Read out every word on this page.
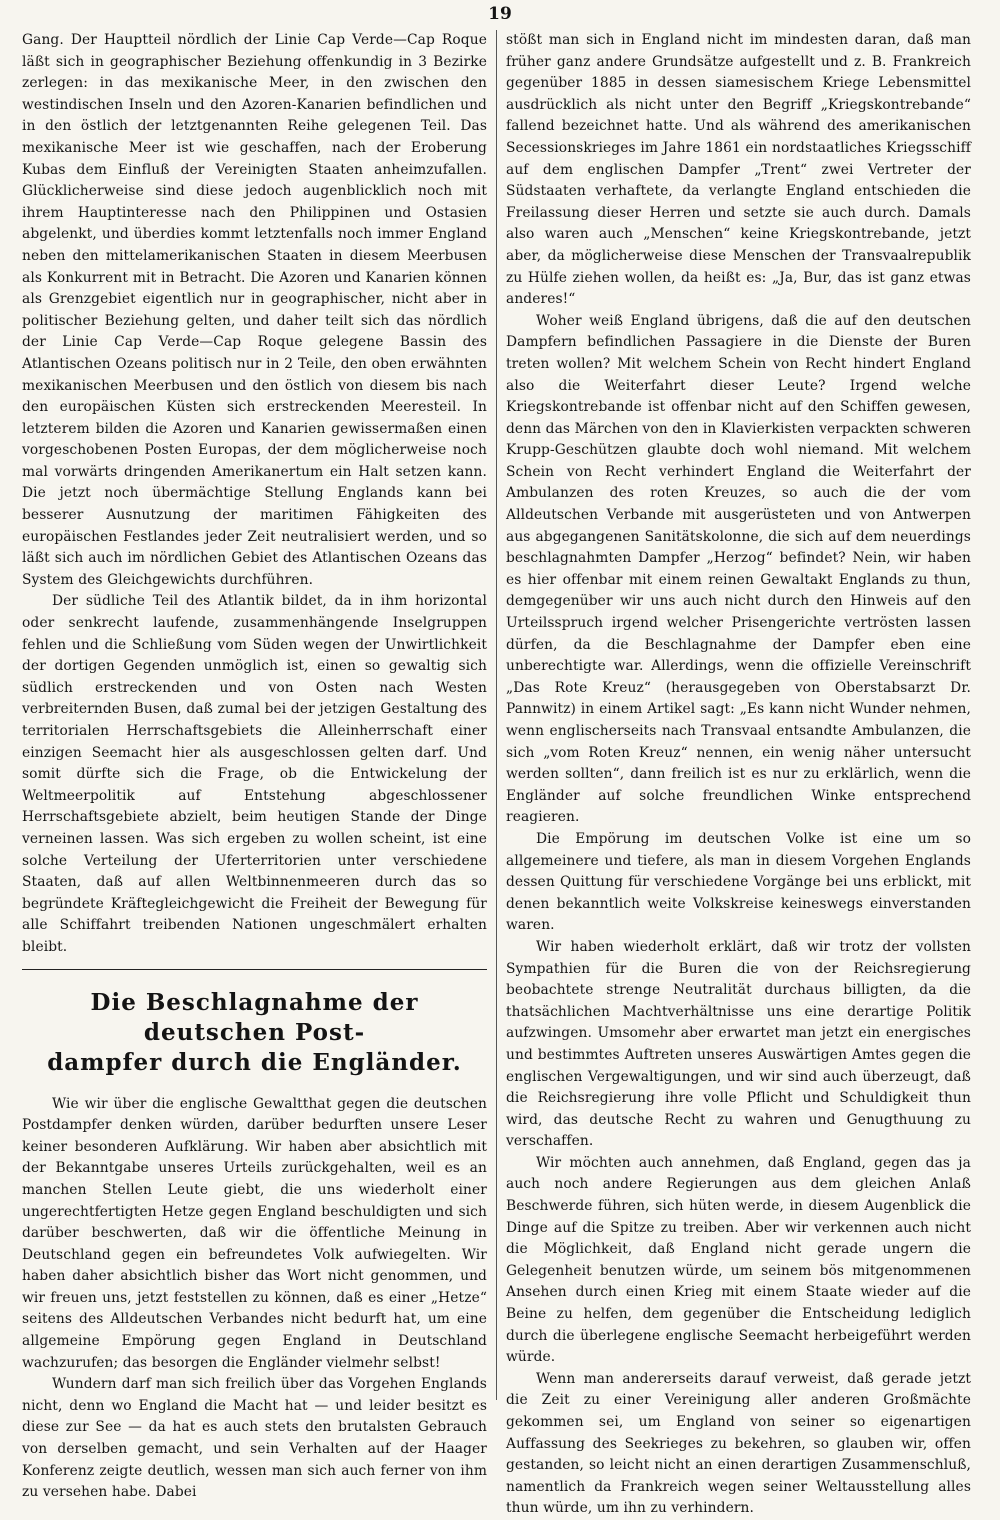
19

Gang. Der Hauptteil nördlich der Linie Cap Verde—Cap Roque läßt sich in geographischer Beziehung offenkundig in 3 Bezirke zerlegen: in das mexikanische Meer, in den zwischen den westindischen Inseln und den Azoren-Kanarien befindlichen und in den östlich der letztgenannten Reihe gelegenen Teil. Das mexikanische Meer ist wie geschaffen, nach der Eroberung Kubas dem Einfluß der Vereinigten Staaten anheimzufallen. Glücklicherweise sind diese jedoch augenblicklich noch mit ihrem Hauptinteresse nach den Philippinen und Ostasien abgelenkt, und überdies kommt letztenfalls noch immer England neben den mittelamerikanischen Staaten in diesem Meerbusen als Konkurrent mit in Betracht. Die Azoren und Kanarien können als Grenzgebiet eigentlich nur in geographischer, nicht aber in politischer Beziehung gelten, und daher teilt sich das nördlich der Linie Cap Verde—Cap Roque gelegene Bassin des Atlantischen Ozeans politisch nur in 2 Teile, den oben erwähnten mexikanischen Meerbusen und den östlich von diesem bis nach den europäischen Küsten sich erstreckenden Meeresteil. In letzterem bilden die Azoren und Kanarien gewissermaßen einen vorgeschobenen Posten Europas, der dem möglicherweise noch mal vorwärts dringenden Amerikanertum ein Halt setzen kann. Die jetzt noch übermächtige Stellung Englands kann bei besserer Ausnutzung der maritimen Fähigkeiten des europäischen Festlandes jeder Zeit neutralisiert werden, und so läßt sich auch im nördlichen Gebiet des Atlantischen Ozeans das System des Gleichgewichts durchführen.

Der südliche Teil des Atlantik bildet, da in ihm horizontal oder senkrecht laufende, zusammenhängende Inselgruppen fehlen und die Schließung vom Süden wegen der Unwirtlichkeit der dortigen Gegenden unmöglich ist, einen so gewaltig sich südlich erstreckenden und von Osten nach Westen verbreiternden Busen, daß zumal bei der jetzigen Gestaltung des territorialen Herrschaftsgebiets die Alleinherrschaft einer einzigen Seemacht hier als ausgeschlossen gelten darf. Und somit dürfte sich die Frage, ob die Entwickelung der Weltmeerpolitik auf Entstehung abgeschlossener Herrschaftsgebiete abzielt, beim heutigen Stande der Dinge verneinen lassen. Was sich ergeben zu wollen scheint, ist eine solche Verteilung der Uferterritorien unter verschiedene Staaten, daß auf allen Weltbinnenmeeren durch das so begründete Kräftegleichgewicht die Freiheit der Bewegung für alle Schiffahrt treibenden Nationen ungeschmälert erhalten bleibt.

Die Beschlagnahme der deutschen Post-
dampfer durch die Engländer.

Wie wir über die englische Gewaltthat gegen die deutschen Postdampfer denken würden, darüber bedurften unsere Leser keiner besonderen Aufklärung. Wir haben aber absichtlich mit der Bekanntgabe unseres Urteils zurückgehalten, weil es an manchen Stellen Leute giebt, die uns wiederholt einer ungerechtfertigten Hetze gegen England beschuldigten und sich darüber beschwerten, daß wir die öffentliche Meinung in Deutschland gegen ein befreundetes Volk aufwiegelten. Wir haben daher absichtlich bisher das Wort nicht genommen, und wir freuen uns, jetzt feststellen zu können, daß es einer „Hetze“ seitens des Alldeutschen Verbandes nicht bedurft hat, um eine allgemeine Empörung gegen England in Deutschland wachzurufen; das besorgen die Engländer vielmehr selbst!

Wundern darf man sich freilich über das Vorgehen Englands nicht, denn wo England die Macht hat — und leider besitzt es diese zur See — da hat es auch stets den brutalsten Gebrauch von derselben gemacht, und sein Verhalten auf der Haager Konferenz zeigte deutlich, wessen man sich auch ferner von ihm zu versehen habe. Dabei

stößt man sich in England nicht im mindesten daran, daß man früher ganz andere Grundsätze aufgestellt und z. B. Frankreich gegenüber 1885 in dessen siamesischem Kriege Lebensmittel ausdrücklich als nicht unter den Begriff „Kriegskontrebande“ fallend bezeichnet hatte. Und als während des amerikanischen Secessionskrieges im Jahre 1861 ein nordstaatliches Kriegsschiff auf dem englischen Dampfer „Trent“ zwei Vertreter der Südstaaten verhaftete, da verlangte England entschieden die Freilassung dieser Herren und setzte sie auch durch. Damals also waren auch „Menschen“ keine Kriegskontrebande, jetzt aber, da möglicherweise diese Menschen der Transvaalrepublik zu Hülfe ziehen wollen, da heißt es: „Ja, Bur, das ist ganz etwas anderes!“

Woher weiß England übrigens, daß die auf den deutschen Dampfern befindlichen Passagiere in die Dienste der Buren treten wollen? Mit welchem Schein von Recht hindert England also die Weiterfahrt dieser Leute? Irgend welche Kriegskontrebande ist offenbar nicht auf den Schiffen gewesen, denn das Märchen von den in Klavierkisten verpackten schweren Krupp-Geschützen glaubte doch wohl niemand. Mit welchem Schein von Recht verhindert England die Weiterfahrt der Ambulanzen des roten Kreuzes, so auch die der vom Alldeutschen Verbande mit ausgerüsteten und von Antwerpen aus abgegangenen Sanitätskolonne, die sich auf dem neuerdings beschlagnahmten Dampfer „Herzog“ befindet? Nein, wir haben es hier offenbar mit einem reinen Gewaltakt Englands zu thun, demgegenüber wir uns auch nicht durch den Hinweis auf den Urteilsspruch irgend welcher Prisengerichte vertrösten lassen dürfen, da die Beschlagnahme der Dampfer eben eine unberechtigte war. Allerdings, wenn die offizielle Vereinschrift „Das Rote Kreuz“ (herausgegeben von Oberstabsarzt Dr. Pannwitz) in einem Artikel sagt: „Es kann nicht Wunder nehmen, wenn englischerseits nach Transvaal entsandte Ambulanzen, die sich „vom Roten Kreuz“ nennen, ein wenig näher untersucht werden sollten“, dann freilich ist es nur zu erklärlich, wenn die Engländer auf solche freundlichen Winke entsprechend reagieren.

Die Empörung im deutschen Volke ist eine um so allgemeinere und tiefere, als man in diesem Vorgehen Englands dessen Quittung für verschiedene Vorgänge bei uns erblickt, mit denen bekanntlich weite Volkskreise keineswegs einverstanden waren.

Wir haben wiederholt erklärt, daß wir trotz der vollsten Sympathien für die Buren die von der Reichsregierung beobachtete strenge Neutralität durchaus billigten, da die thatsächlichen Machtverhältnisse uns eine derartige Politik aufzwingen. Umsomehr aber erwartet man jetzt ein energisches und bestimmtes Auftreten unseres Auswärtigen Amtes gegen die englischen Vergewaltigungen, und wir sind auch überzeugt, daß die Reichsregierung ihre volle Pflicht und Schuldigkeit thun wird, das deutsche Recht zu wahren und Genugthuung zu verschaffen.

Wir möchten auch annehmen, daß England, gegen das ja auch noch andere Regierungen aus dem gleichen Anlaß Beschwerde führen, sich hüten werde, in diesem Augenblick die Dinge auf die Spitze zu treiben. Aber wir verkennen auch nicht die Möglichkeit, daß England nicht gerade ungern die Gelegenheit benutzen würde, um seinem bös mitgenommenen Ansehen durch einen Krieg mit einem Staate wieder auf die Beine zu helfen, dem gegenüber die Entscheidung lediglich durch die überlegene englische Seemacht herbeigeführt werden würde.

Wenn man andererseits darauf verweist, daß gerade jetzt die Zeit zu einer Vereinigung aller anderen Großmächte gekommen sei, um England von seiner so eigenartigen Auffassung des Seekrieges zu bekehren, so glauben wir, offen gestanden, so leicht nicht an einen derartigen Zusammenschluß, namentlich da Frankreich wegen seiner Weltausstellung alles thun würde, um ihn zu verhindern.
